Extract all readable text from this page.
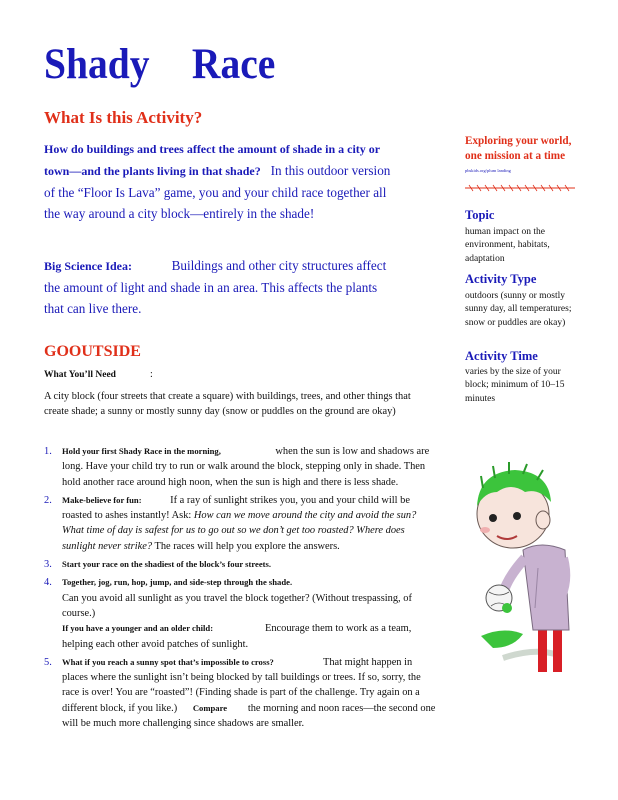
Shady Race
What Is this Activity?
How do buildings and trees affect the amount of shade in a city or town—and the plants living in that shade? In this outdoor version of the “Floor Is Lava” game, you and your child race together all the way around a city block—entirely in the shade!
Big Science Idea:	Buildings and other city structures affect the amount of light and shade in an area. This affects the plants that can live there.
GOOUTSIDE
What You’ll Need	:
A city block (four streets that create a square) with buildings, trees, and other things that create shade; a sunny or mostly sunny day (snow or puddles on the ground are okay)
1. Hold your first Shady Race in the morning,	when the sun is low and shadows are long. Have your child try to run or walk around the block, stepping only in shade. Then hold another race around high noon, when the sun is high and there is less shade.
2. Make-believe for fun:	If a ray of sunlight strikes you, you and your child will be roasted to ashes instantly! Ask: How can we move around the city and avoid the sun? What time of day is safest for us to go out so we don’t get too roasted? Where does sunlight never strike? The races will help you explore the answers.
3. Start your race on the shadiest of the block’s four streets.
4. Together, jog, run, hop, jump, and side-step through the shade.
Can you avoid all sunlight as you travel the block together? (Without trespassing, of course.)
If you have a younger and an older child:	Encourage them to work as a team, helping each other avoid patches of sunlight.
5. What if you reach a sunny spot that’s impossible to cross?	That might happen in places where the sunlight isn’t being blocked by tall buildings or trees. If so, sorry, the race is over! You are “roasted”! (Finding shade is part of the challenge. Try again on a different block, if you like.) Compare the morning and noon races—the second one will be much more challenging since shadows are smaller.
Exploring your world,
one mission at a time
pbskids.org/plum landing
Topic
human impact on the environment, habitats, adaptation
Activity Type
outdoors (sunny or mostly sunny day, all temperatures; snow or puddles are okay)
Activity Time
varies by the size of your block; minimum of 10–15 minutes
